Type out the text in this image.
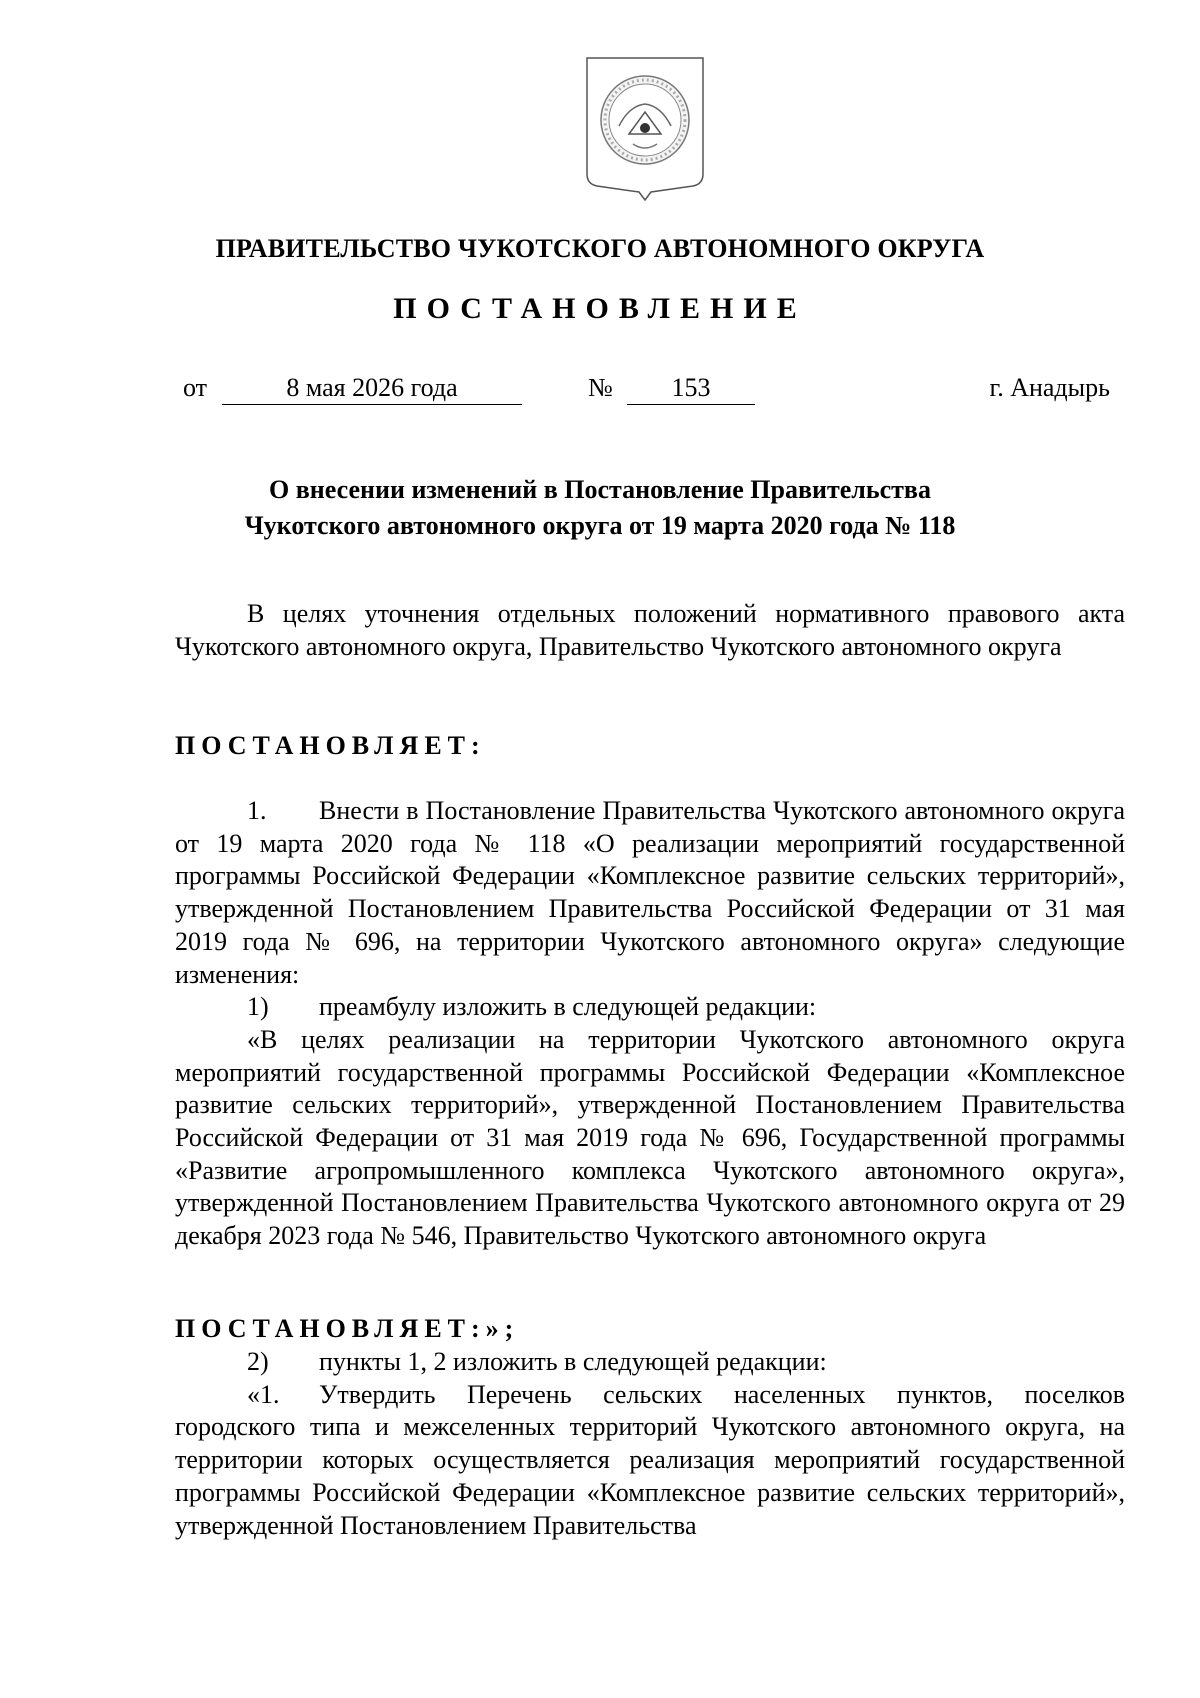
ПРАВИТЕЛЬСТВО ЧУКОТСКОГО АВТОНОМНОГО ОКРУГА
ПОСТАНОВЛЕНИЕ
от	8 мая 2026 года	№	153	г. Анадырь
О внесении изменений в Постановление Правительства
Чукотского автономного округа от 19 марта 2020 года № 118

В целях уточнения отдельных положений нормативного правового акта Чукотского автономного округа, Правительство Чукотского автономного округа

ПОСТАНОВЛЯЕТ:
1.	Внести в Постановление Правительства Чукотского автономного округа от 19 марта 2020 года № 118 «О реализации мероприятий государственной программы Российской Федерации «Комплексное развитие сельских территорий», утвержденной Постановлением Правительства Российской Федерации от 31 мая 2019 года № 696, на территории Чукотского автономного округа» следующие изменения:

1)	преамбулу изложить в следующей редакции:

«В целях реализации на территории Чукотского автономного округа мероприятий государственной программы Российской Федерации «Комплексное развитие сельских территорий», утвержденной Постановлением Правительства Российской Федерации от 31 мая 2019 года № 696, Государственной программы «Развитие агропромышленного комплекса Чукотского автономного округа», утвержденной Постановлением Правительства Чукотского автономного округа от 29 декабря 2023 года № 546, Правительство Чукотского автономного округа

ПОСТАНОВЛЯЕТ:»;
2)	пункты 1, 2 изложить в следующей редакции:
«1.	Утвердить Перечень сельских населенных пунктов, поселков городского типа и межселенных территорий Чукотского автономного округа, на территории которых осуществляется реализация мероприятий государственной программы Российской Федерации «Комплексное развитие сельских территорий», утвержденной Постановлением Правительства
